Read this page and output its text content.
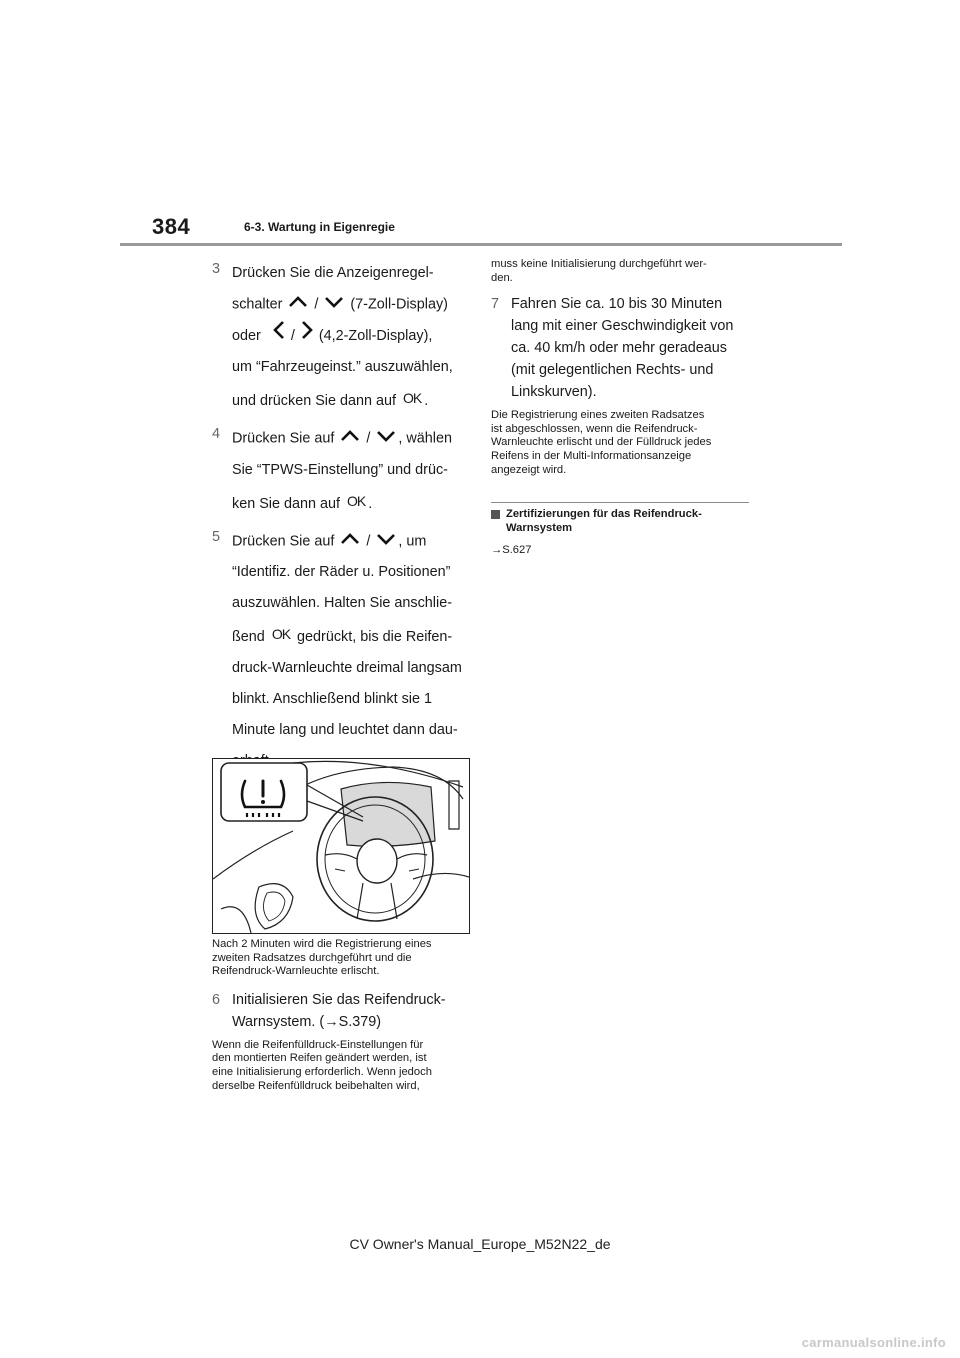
384	6-3. Wartung in Eigenregie
3 Drücken Sie die Anzeigenregel-

schalter / (7-Zoll-Display)

oder / (4,2-Zoll-Display),

um “Fahrzeugeinst.” auszuwählen,

und drücken Sie dann auf OK .

4 Drücken Sie auf / , wählen

Sie “TPWS-Einstellung” und drüc-

ken Sie dann auf OK .

5 Drücken Sie auf / , um

“Identifiz. der Räder u. Positionen”

auszuwählen. Halten Sie anschlie-

ßend OK gedrückt, bis die Reifen-

druck-Warnleuchte dreimal langsam

blinkt. Anschließend blinkt sie 1

Minute lang und leuchtet dann dau-

Nach 2 Minuten wird die Registrierung eines
zweiten Radsatzes durchgeführt und die
Reifendruck-Warnleuchte erlischt.

6 Initialisieren Sie das Reifendruck-

Warnsystem. (→S.379)

Wenn die Reifenfülldruck-Einstellungen für
den montierten Reifen geändert werden, ist
eine Initialisierung erforderlich. Wenn jedoch
derselbe Reifenfülldruck beibehalten wird,

muss keine Initialisierung durchgeführt wer-
den.

7 Fahren Sie ca. 10 bis 30 Minuten

lang mit einer Geschwindigkeit von

ca. 40 km/h oder mehr geradeaus

(mit gelegentlichen Rechts- und

Linkskurven).

Die Registrierung eines zweiten Radsatzes
ist abgeschlossen, wenn die Reifendruck-
Warnleuchte erlischt und der Fülldruck jedes
Reifens in der Multi-Informationsanzeige
angezeigt wird.

Zertifizierungen für das Reifendruck-
Warnsystem
→S.627
CV Owner's Manual_Europe_M52N22_de
carmanualsonline.info
